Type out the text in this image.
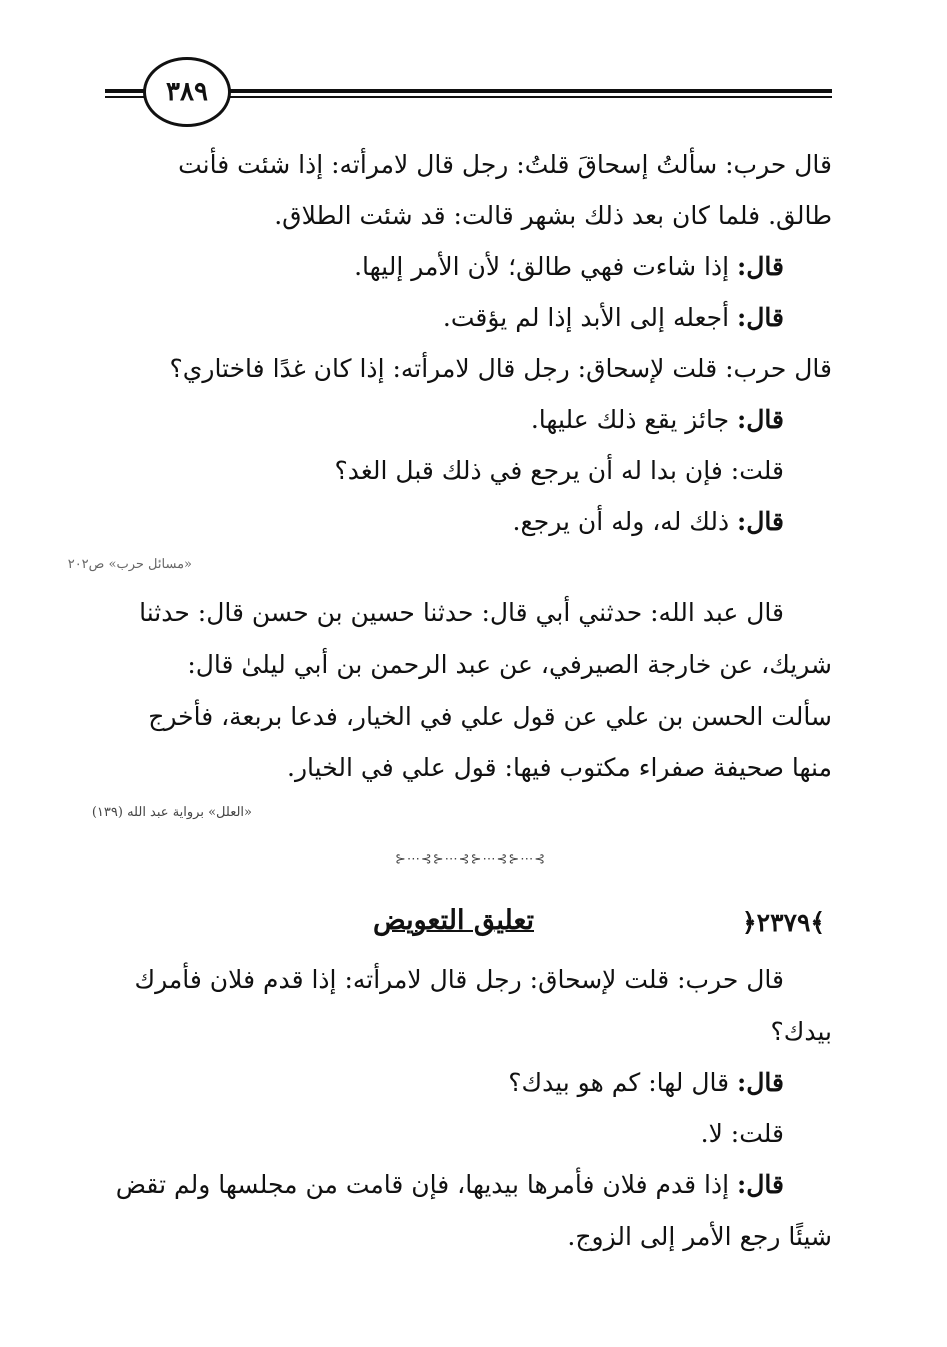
٣٨٩
قال حرب: سألتُ إسحاقَ قلتُ: رجل قال لامرأته: إذا شئت فأنت
طالق. فلما كان بعد ذلك بشهر قالت: قد شئت الطلاق.
قال: إذا شاءت فهي طالق؛ لأن الأمر إليها.
قال: أجعله إلى الأبد إذا لم يؤقت.
قال حرب: قلت لإسحاق: رجل قال لامرأته: إذا كان غدًا فاختاري؟
قال: جائز يقع ذلك عليها.
قلت: فإن بدا له أن يرجع في ذلك قبل الغد؟
قال: ذلك له، وله أن يرجع.
«مسائل حرب» ص٢٠٢
قال عبد الله: حدثني أبي قال: حدثنا حسين بن حسن قال: حدثنا
شريك، عن خارجة الصيرفي، عن عبد الرحمن بن أبي ليلىٰ قال:
سألت الحسن بن علي عن قول علي في الخيار، فدعا بربعة، فأخرج
منها صحيفة صفراء مكتوب فيها: قول علي في الخيار.
«العلل» برواية عبد الله (١٣٩)
قال حرب: قلت لإسحاق: رجل قال لامرأته: إذا قدم فلان فأمرك
بيدك؟
قال: قال لها: كم هو بيدك؟
قلت: لا.
قال: إذا قدم فلان فأمرها بيديها، فإن قامت من مجلسها ولم تقض
شيئًا رجع الأمر إلى الزوج.
⊱⋯⊰⊱⋯⊰⊱⋯⊰⊱⋯⊰
﴿٢٣٧٩﴾
تعليق التعويض
